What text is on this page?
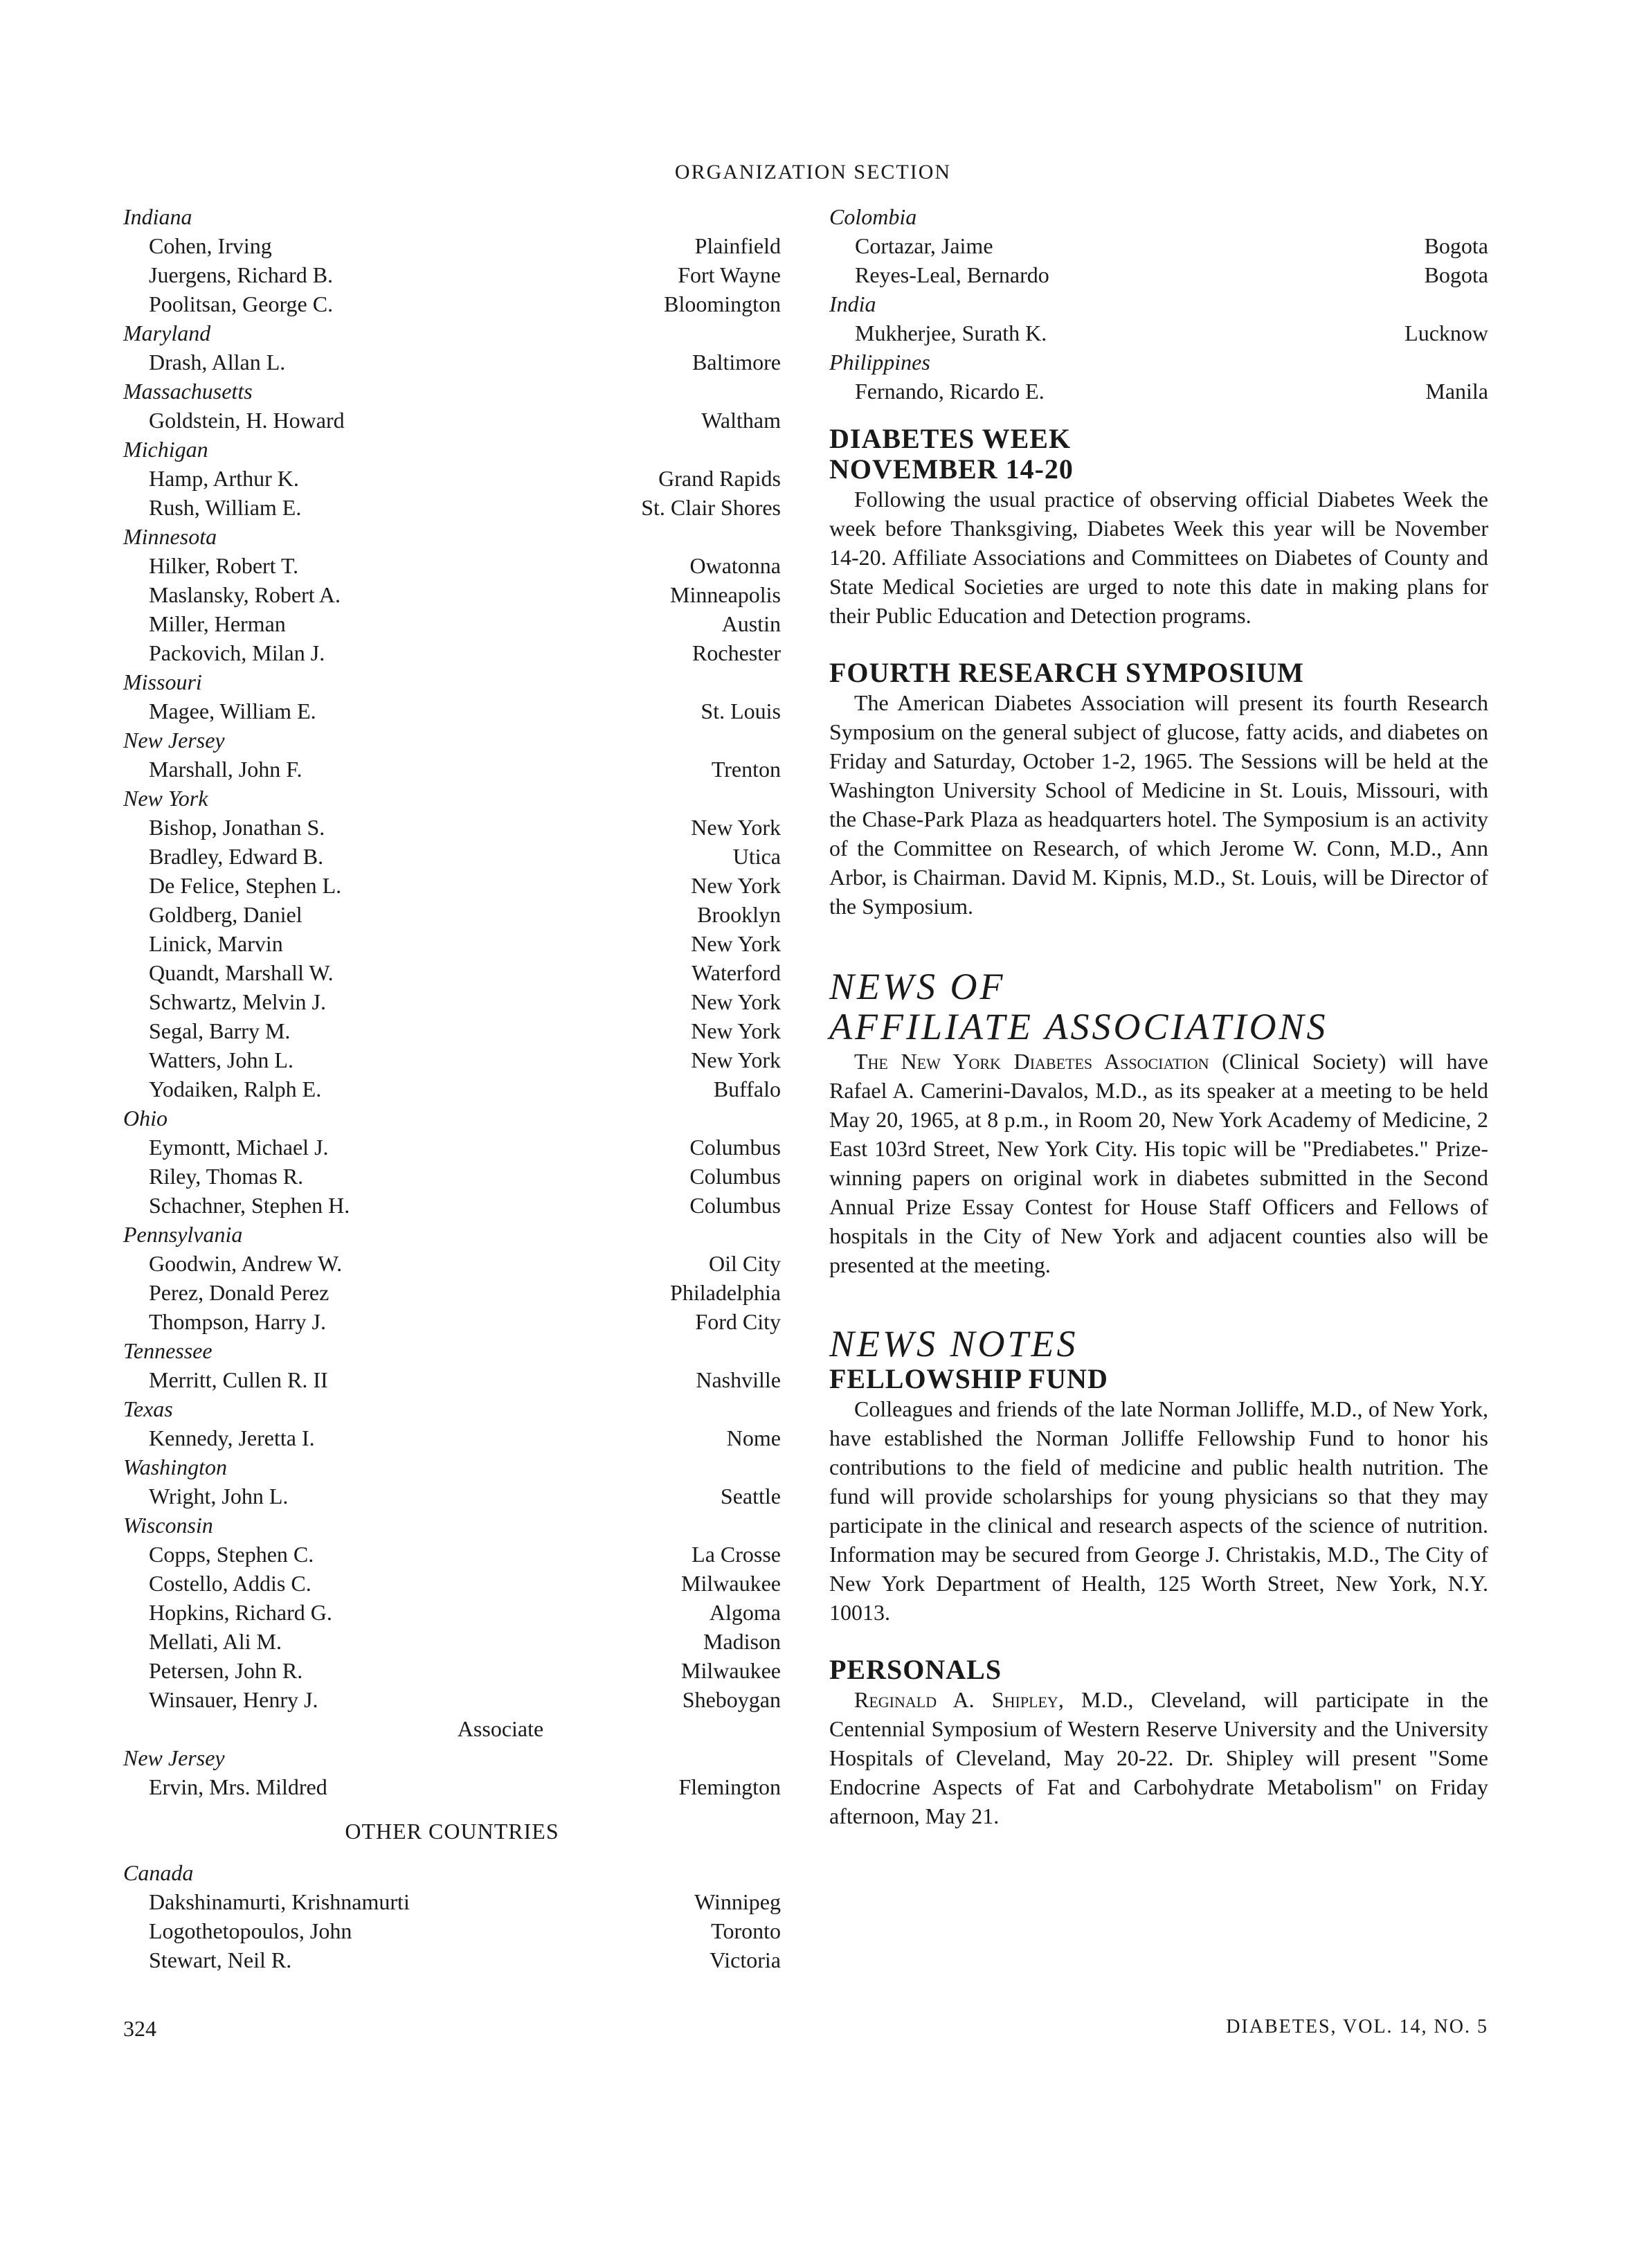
ORGANIZATION SECTION
Indiana
Cohen, Irving	Plainfield
Juergens, Richard B.	Fort Wayne
Poolitsan, George C.	Bloomington
Maryland
Drash, Allan L.	Baltimore
Massachusetts
Goldstein, H. Howard	Waltham
Michigan
Hamp, Arthur K.	Grand Rapids
Rush, William E.	St. Clair Shores
Minnesota
Hilker, Robert T.	Owatonna
Maslansky, Robert A.	Minneapolis
Miller, Herman	Austin
Packovich, Milan J.	Rochester
Missouri
Magee, William E.	St. Louis
New Jersey
Marshall, John F.	Trenton
New York
Bishop, Jonathan S.	New York
Bradley, Edward B.	Utica
De Felice, Stephen L.	New York
Goldberg, Daniel	Brooklyn
Linick, Marvin	New York
Quandt, Marshall W.	Waterford
Schwartz, Melvin J.	New York
Segal, Barry M.	New York
Watters, John L.	New York
Yodaiken, Ralph E.	Buffalo
Ohio
Eymontt, Michael J.	Columbus
Riley, Thomas R.	Columbus
Schachner, Stephen H.	Columbus
Pennsylvania
Goodwin, Andrew W.	Oil City
Perez, Donald Perez	Philadelphia
Thompson, Harry J.	Ford City
Tennessee
Merritt, Cullen R. II	Nashville
Texas
Kennedy, Jeretta I.	Nome
Washington
Wright, John L.	Seattle
Wisconsin
Copps, Stephen C.	La Crosse
Costello, Addis C.	Milwaukee
Hopkins, Richard G.	Algoma
Mellati, Ali M.	Madison
Petersen, John R.	Milwaukee
Winsauer, Henry J.	Sheboygan
Associate
New Jersey
Ervin, Mrs. Mildred	Flemington
OTHER COUNTRIES
Canada
Dakshinamurti, Krishnamurti	Winnipeg
Logothetopoulos, John	Toronto
Stewart, Neil R.	Victoria
Colombia
Cortazar, Jaime	Bogota
Reyes-Leal, Bernardo	Bogota
India
Mukherjee, Surath K.	Lucknow
Philippines
Fernando, Ricardo E.	Manila
DIABETES WEEK
NOVEMBER 14-20

Following the usual practice of observing official Diabetes Week the week before Thanksgiving, Diabetes Week this year will be November 14-20. Affiliate Associations and Committees on Diabetes of County and State Medical Societies are urged to note this date in making plans for their Public Education and Detection programs.

FOURTH RESEARCH SYMPOSIUM

The American Diabetes Association will present its fourth Research Symposium on the general subject of glucose, fatty acids, and diabetes on Friday and Saturday, October 1-2, 1965. The Sessions will be held at the Washington University School of Medicine in St. Louis, Missouri, with the Chase-Park Plaza as headquarters hotel. The Symposium is an activity of the Committee on Research, of which Jerome W. Conn, M.D., Ann Arbor, is Chairman. David M. Kipnis, M.D., St. Louis, will be Director of the Symposium.

NEWS OF
AFFILIATE ASSOCIATIONS

The New York Diabetes Association (Clinical Society) will have Rafael A. Camerini-Davalos, M.D., as its speaker at a meeting to be held May 20, 1965, at 8 p.m., in Room 20, New York Academy of Medicine, 2 East 103rd Street, New York City. His topic will be "Prediabetes." Prize-winning papers on original work in diabetes submitted in the Second Annual Prize Essay Contest for House Staff Officers and Fellows of hospitals in the City of New York and adjacent counties also will be presented at the meeting.

NEWS NOTES
FELLOWSHIP FUND

Colleagues and friends of the late Norman Jolliffe, M.D., of New York, have established the Norman Jolliffe Fellowship Fund to honor his contributions to the field of medicine and public health nutrition. The fund will provide scholarships for young physicians so that they may participate in the clinical and research aspects of the science of nutrition. Information may be secured from George J. Christakis, M.D., The City of New York Department of Health, 125 Worth Street, New York, N.Y. 10013.

PERSONALS

Reginald A. Shipley, M.D., Cleveland, will participate in the Centennial Symposium of Western Reserve University and the University Hospitals of Cleveland, May 20-22. Dr. Shipley will present "Some Endocrine Aspects of Fat and Carbohydrate Metabolism" on Friday afternoon, May 21.

324	DIABETES, VOL. 14, NO. 5
